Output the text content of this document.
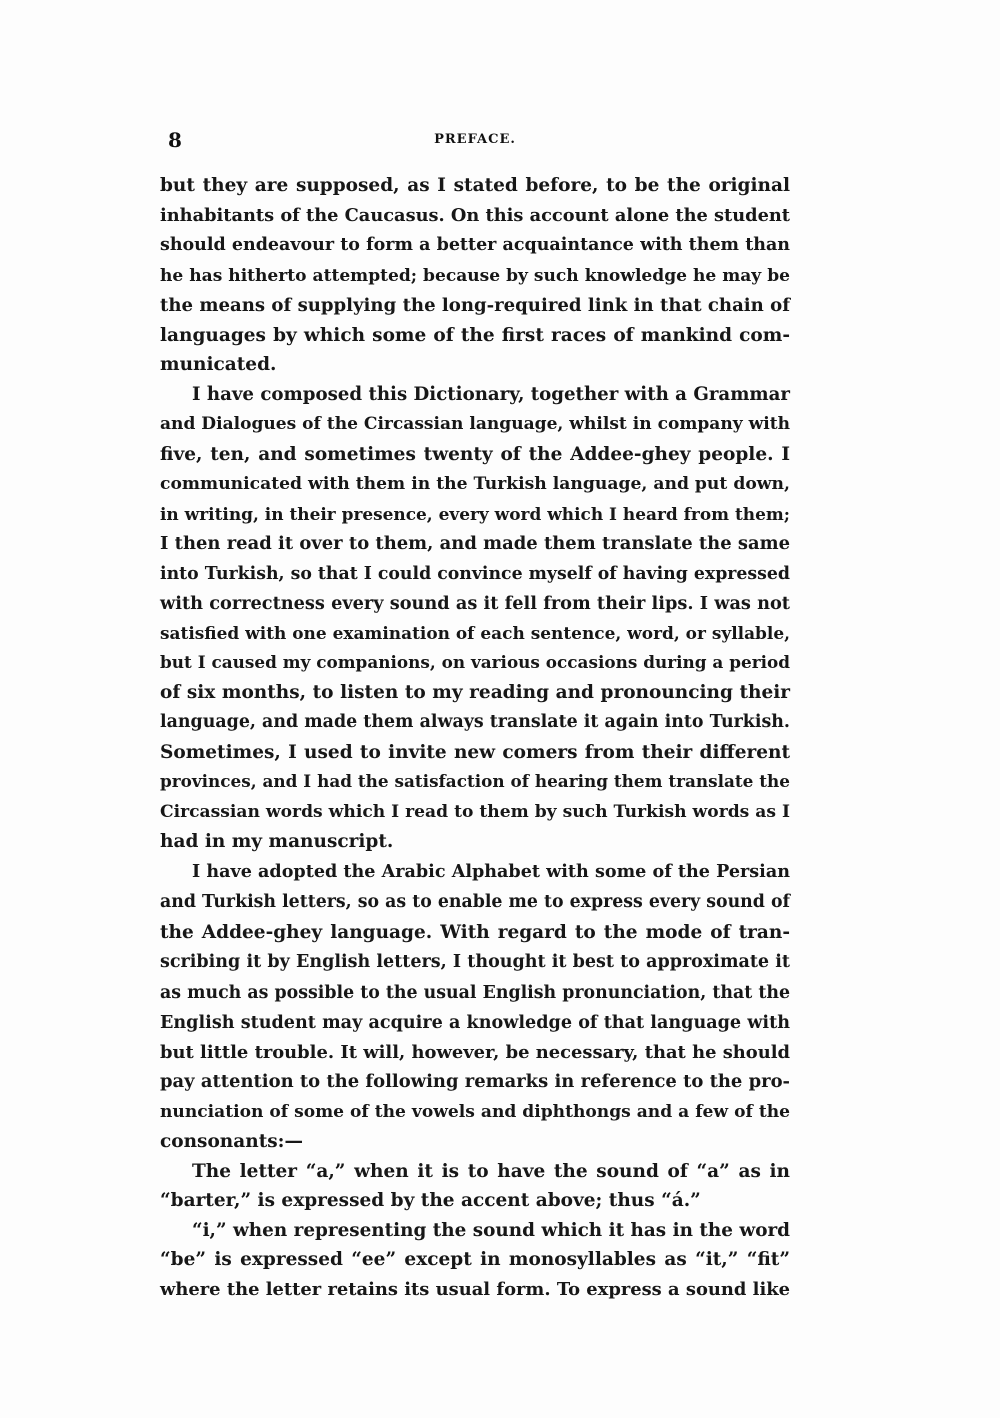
8	PREFACE.

but they are supposed, as I stated before, to be the original
inhabitants of the Caucasus. On this account alone the student
should endeavour to form a better acquaintance with them than
he has hitherto attempted; because by such knowledge he may be
the means of supplying the long-required link in that chain of
languages by which some of the first races of mankind com-
municated.

I have composed this Dictionary, together with a Grammar
and Dialogues of the Circassian language, whilst in company with
five, ten, and sometimes twenty of the Addee-ghey people. I
communicated with them in the Turkish language, and put down,
in writing, in their presence, every word which I heard from them;
I then read it over to them, and made them translate the same
into Turkish, so that I could convince myself of having expressed
with correctness every sound as it fell from their lips. I was not
satisfied with one examination of each sentence, word, or syllable,
but I caused my companions, on various occasions during a period
of six months, to listen to my reading and pronouncing their
language, and made them always translate it again into Turkish.
Sometimes, I used to invite new comers from their different
provinces, and I had the satisfaction of hearing them translate the
Circassian words which I read to them by such Turkish words as I
had in my manuscript.

I have adopted the Arabic Alphabet with some of the Persian
and Turkish letters, so as to enable me to express every sound of
the Addee-ghey language. With regard to the mode of tran-
scribing it by English letters, I thought it best to approximate it
as much as possible to the usual English pronunciation, that the
English student may acquire a knowledge of that language with
but little trouble. It will, however, be necessary, that he should
pay attention to the following remarks in reference to the pro-
nunciation of some of the vowels and diphthongs and a few of the
consonants:—

The letter “a,” when it is to have the sound of “a” as in
“barter,” is expressed by the accent above; thus “á.”

“i,” when representing the sound which it has in the word
“be” is expressed “ee” except in monosyllables as “it,” “fit”
where the letter retains its usual form. To express a sound like
